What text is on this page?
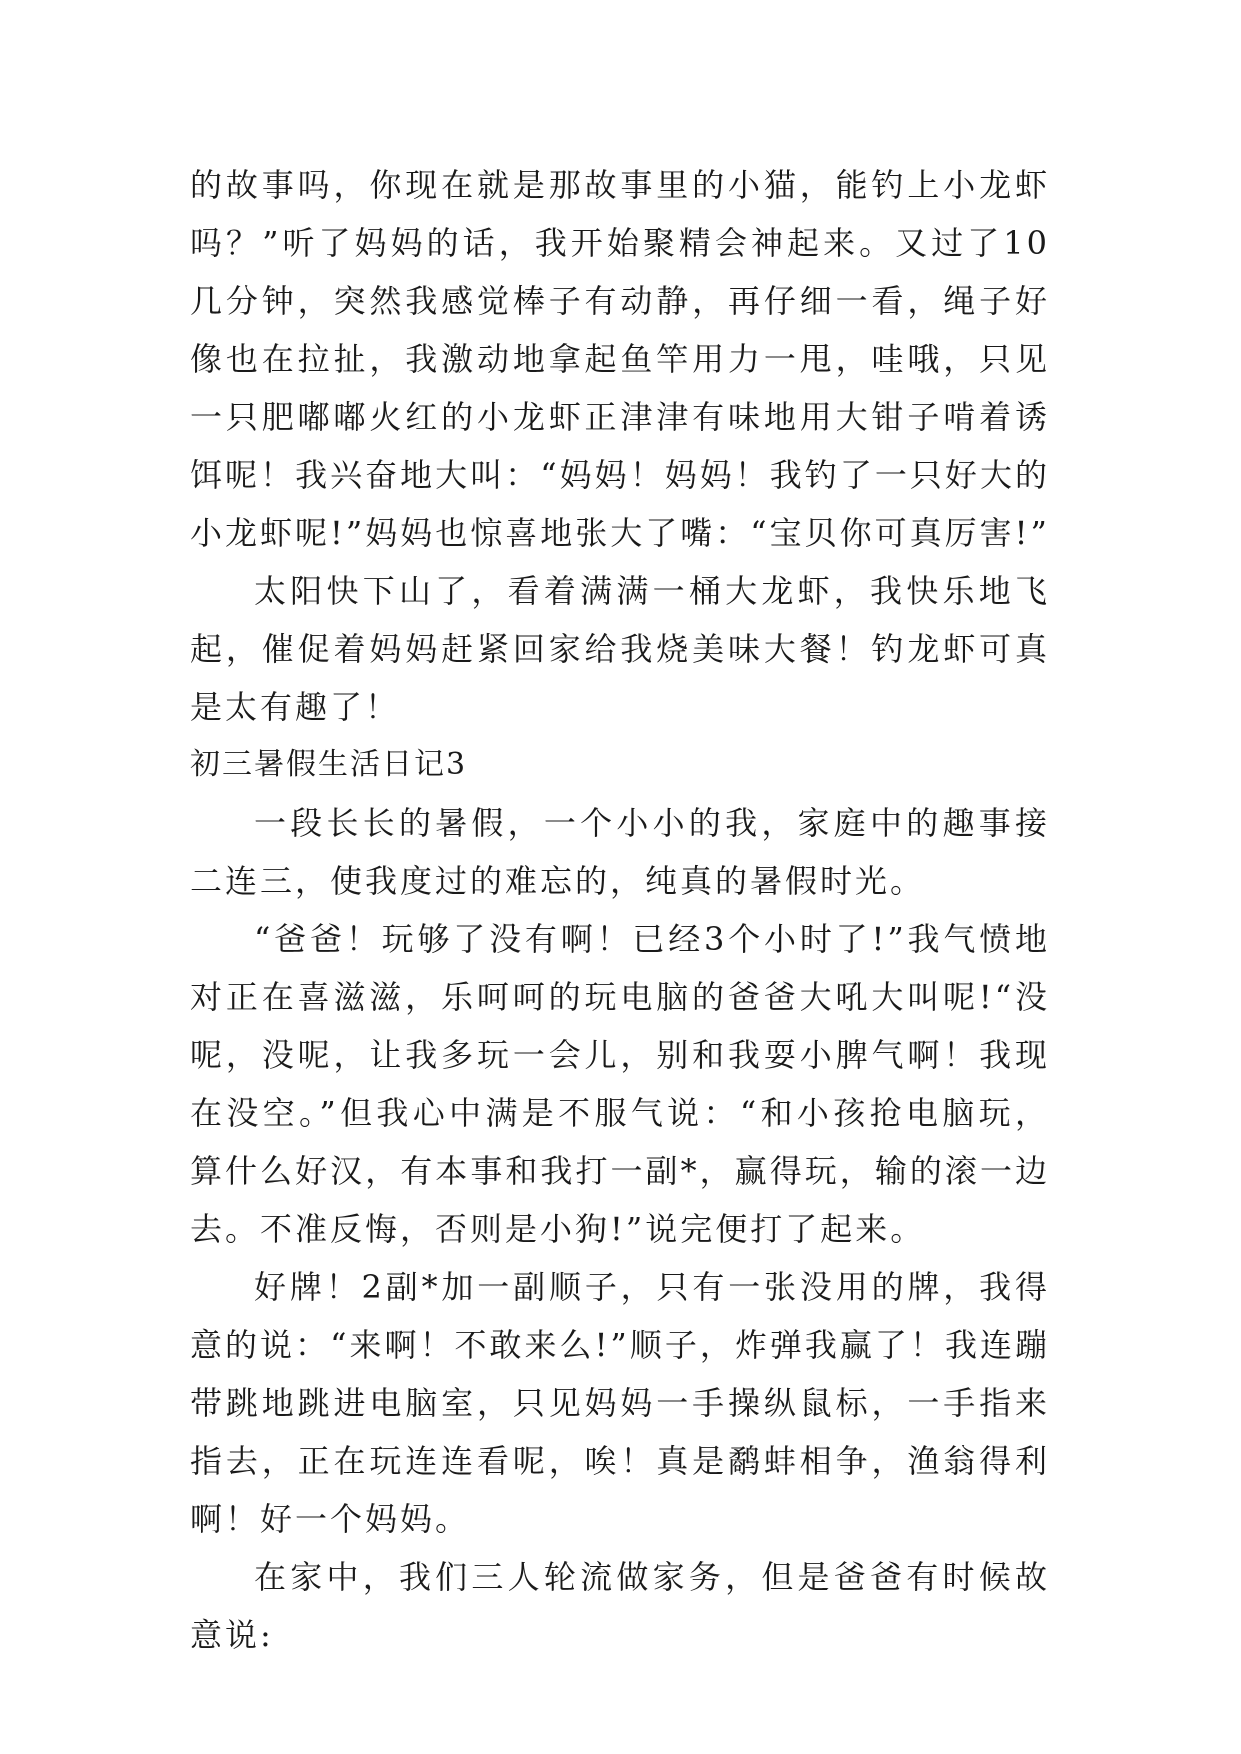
的故事吗，你现在就是那故事里的小猫，能钓上小龙虾吗？”听了妈妈的话，我开始聚精会神起来。又过了10几分钟，突然我感觉棒子有动静，再仔细一看，绳子好像也在拉扯，我激动地拿起鱼竿用力一甩，哇哦，只见一只肥嘟嘟火红的小龙虾正津津有味地用大钳子啃着诱饵呢！我兴奋地大叫：“妈妈！妈妈！我钓了一只好大的小龙虾呢!”妈妈也惊喜地张大了嘴：“宝贝你可真厉害!”

太阳快下山了，看着满满一桶大龙虾，我快乐地飞起，催促着妈妈赶紧回家给我烧美味大餐！钓龙虾可真是太有趣了！

初三暑假生活日记3

一段长长的暑假，一个小小的我，家庭中的趣事接二连三，使我度过的难忘的，纯真的暑假时光。

“爸爸！玩够了没有啊！已经3个小时了!”我气愤地对正在喜滋滋，乐呵呵的玩电脑的爸爸大吼大叫呢!“没呢，没呢，让我多玩一会儿，别和我耍小脾气啊！我现在没空。”但我心中满是不服气说：“和小孩抢电脑玩，算什么好汉，有本事和我打一副*，赢得玩，输的滚一边去。不准反悔，否则是小狗!”说完便打了起来。

好牌！2副*加一副顺子，只有一张没用的牌，我得意的说：“来啊！不敢来么!”顺子，炸弹我赢了！我连蹦带跳地跳进电脑室，只见妈妈一手操纵鼠标，一手指来指去，正在玩连连看呢，唉！真是鹬蚌相争，渔翁得利啊！好一个妈妈。

在家中，我们三人轮流做家务，但是爸爸有时候故意说:
